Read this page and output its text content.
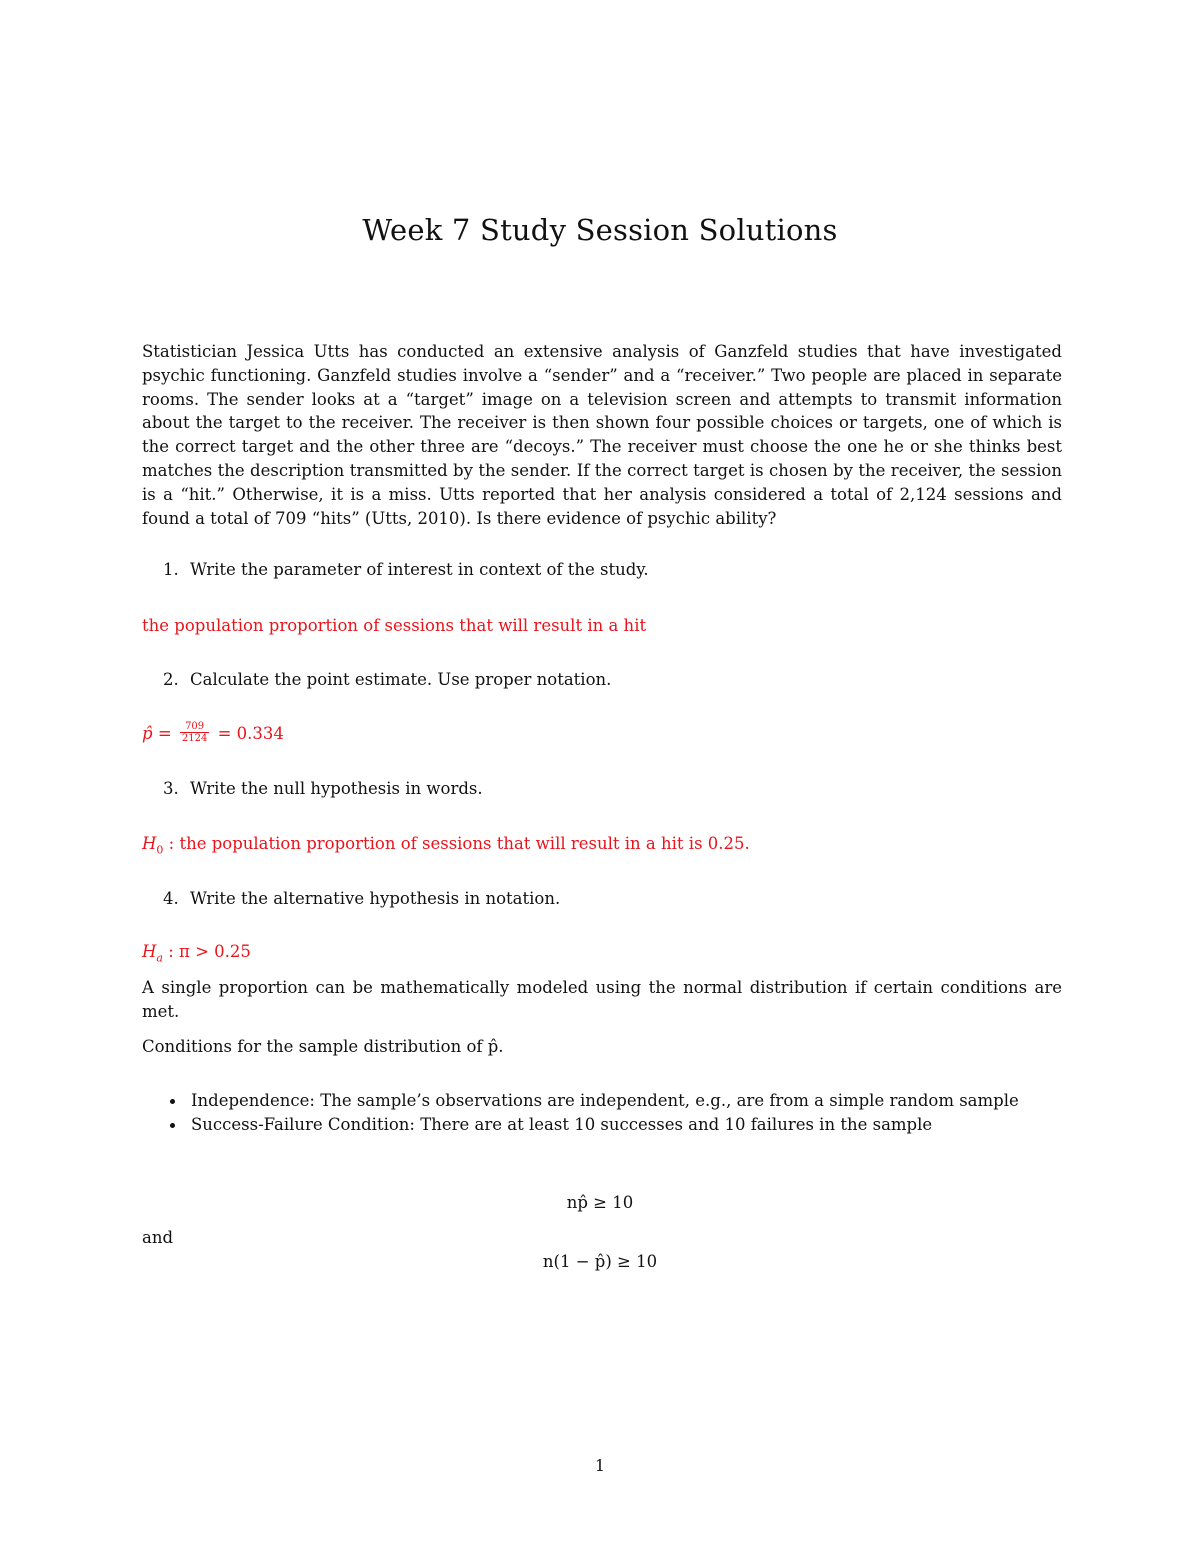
Week 7 Study Session Solutions

Statistician Jessica Utts has conducted an extensive analysis of Ganzfeld studies that have investigated psychic functioning. Ganzfeld studies involve a “sender” and a “receiver.” Two people are placed in separate rooms. The sender looks at a “target” image on a television screen and attempts to transmit information about the target to the receiver. The receiver is then shown four possible choices or targets, one of which is the correct target and the other three are “decoys.” The receiver must choose the one he or she thinks best matches the description transmitted by the sender. If the correct target is chosen by the receiver, the session is a “hit.” Otherwise, it is a miss. Utts reported that her analysis considered a total of 2,124 sessions and found a total of 709 “hits” (Utts, 2010). Is there evidence of psychic ability?

1. Write the parameter of interest in context of the study.

the population proportion of sessions that will result in a hit

2. Calculate the point estimate. Use proper notation.

p̂ = $\frac{709}{2124} = 0.334$

3. Write the null hypothesis in words.

$H_0$ : the population proportion of sessions that will result in a hit is 0.25.

4. Write the alternative hypothesis in notation.

$H_a$ : π > 0.25

A single proportion can be mathematically modeled using the normal distribution if certain conditions are met.

Conditions for the sample distribution of p̂.

Independence: The sample’s observations are independent, e.g., are from a simple random sample
Success-Failure Condition: There are at least 10 successes and 10 failures in the sample

np̂ ≥ 10

and

n(1 − p̂) ≥ 10

1
